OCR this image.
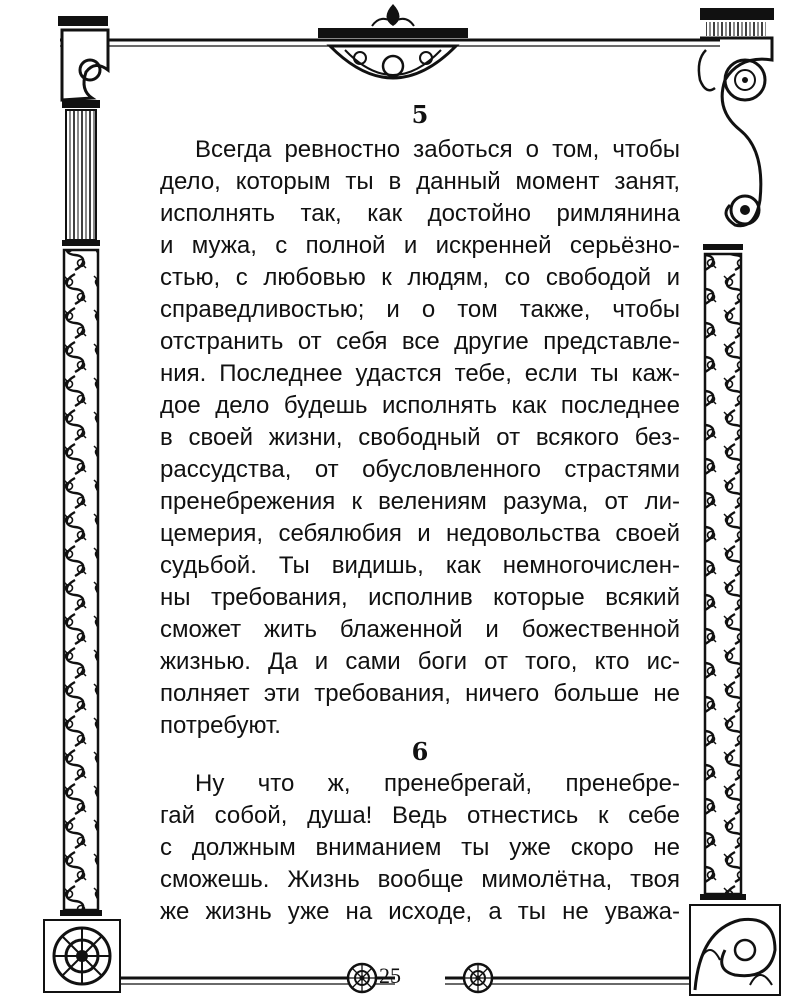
5
Всегда ревностно заботься о том, чтобы
дело, которым ты в данный момент занят,
исполнять так, как достойно римлянина
и мужа, с полной и искренней серьёзно-
стью, с любовью к людям, со свободой и
справедливостью; и о том также, чтобы
отстранить от себя все другие представле-
ния. Последнее удастся тебе, если ты каж-
дое дело будешь исполнять как последнее
в своей жизни, свободный от всякого без-
рассудства, от обусловленного страстями
пренебрежения к велениям разума, от ли-
цемерия, себялюбия и недовольства своей
судьбой. Ты видишь, как немногочислен-
ны требования, исполнив которые всякий
сможет жить блаженной и божественной
жизнью. Да и сами боги от того, кто ис-
полняет эти требования, ничего больше не
потребуют.
6
Ну что ж, пренебрегай, пренебре-
гай собой, душа! Ведь отнестись к себе
с должным вниманием ты уже скоро не
сможешь. Жизнь вообще мимолётна, твоя
же жизнь уже на исходе, а ты не уважа-
25
